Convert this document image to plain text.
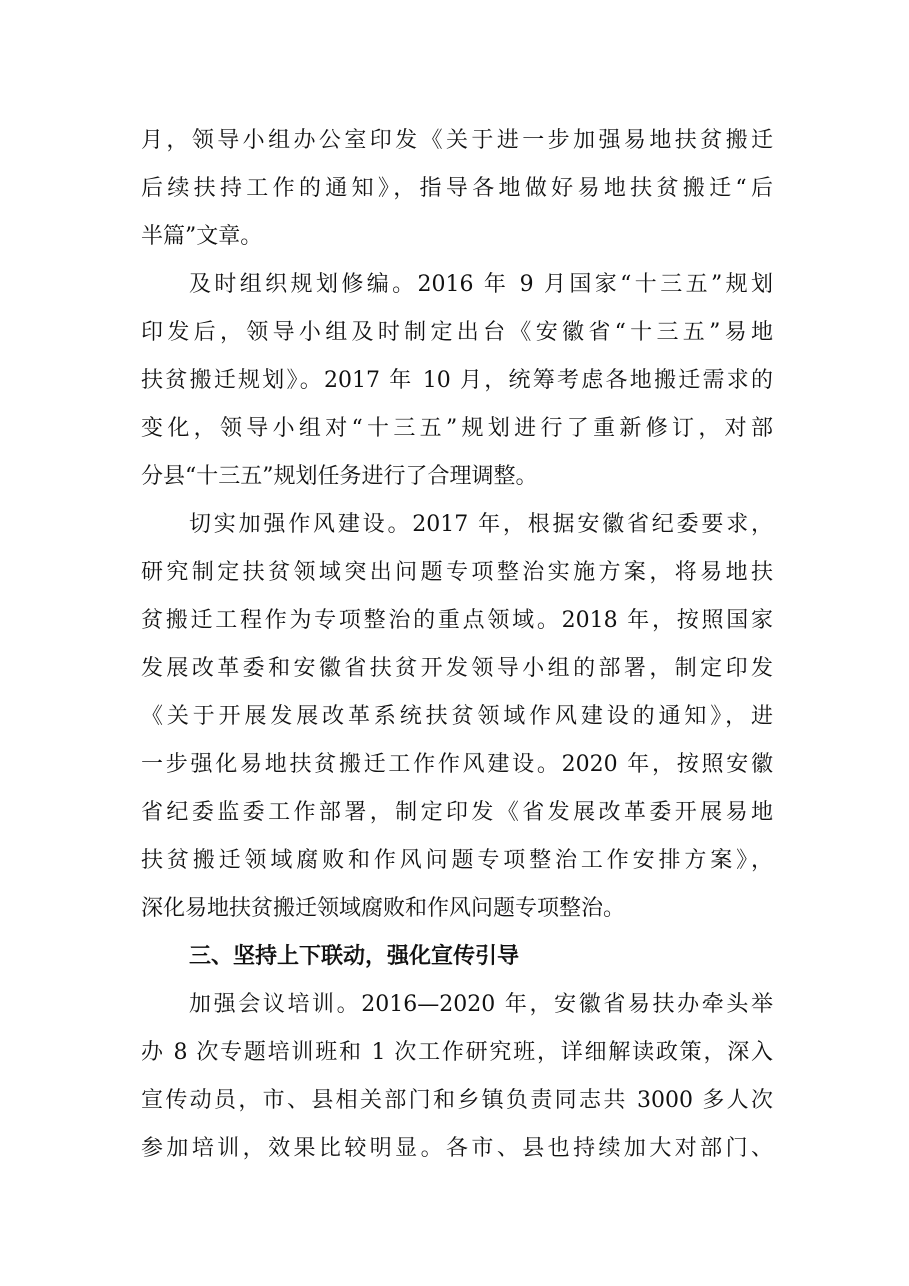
月，领导小组办公室印发《关于进一步加强易地扶贫搬迁
后续扶持工作的通知》，指导各地做好易地扶贫搬迁“后
半篇”文章。
及时组织规划修编。2016 年 9 月国家“十三五”规划
印发后，领导小组及时制定出台《安徽省“十三五”易地
扶贫搬迁规划》。2017 年 10 月，统筹考虑各地搬迁需求的
变化，领导小组对“十三五”规划进行了重新修订，对部
分县“十三五”规划任务进行了合理调整。
切实加强作风建设。2017 年，根据安徽省纪委要求，
研究制定扶贫领域突出问题专项整治实施方案，将易地扶
贫搬迁工程作为专项整治的重点领域。2018 年，按照国家
发展改革委和安徽省扶贫开发领导小组的部署，制定印发
《关于开展发展改革系统扶贫领域作风建设的通知》，进
一步强化易地扶贫搬迁工作作风建设。2020 年，按照安徽
省纪委监委工作部署，制定印发《省发展改革委开展易地
扶贫搬迁领域腐败和作风问题专项整治工作安排方案》，
深化易地扶贫搬迁领域腐败和作风问题专项整治。
三、坚持上下联动，强化宣传引导
加强会议培训。2016—2020 年，安徽省易扶办牵头举
办 8 次专题培训班和 1 次工作研究班，详细解读政策，深入
宣传动员，市、县相关部门和乡镇负责同志共 3000 多人次
参加培训，效果比较明显。各市、县也持续加大对部门、
